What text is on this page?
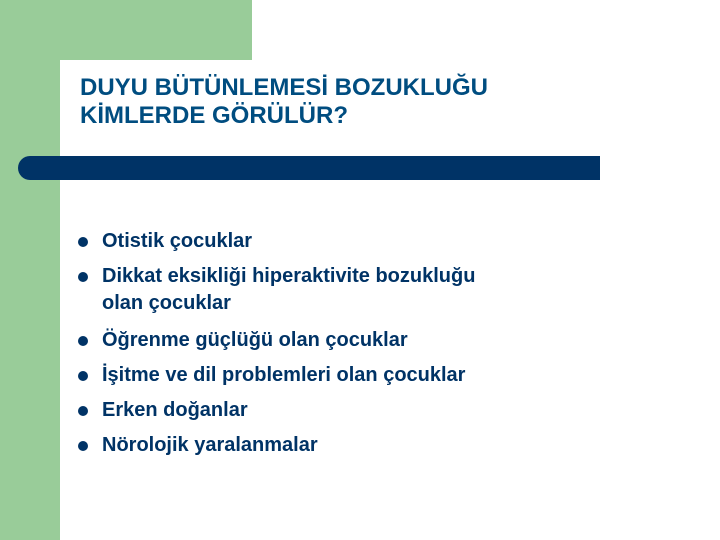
DUYU BÜTÜNLEMESİ BOZUKLUĞU
KİMLERDE GÖRÜLÜR?
Otistik çocuklar
Dikkat eksikliği hiperaktivite bozukluğu
olan çocuklar
Öğrenme güçlüğü olan çocuklar
İşitme ve dil problemleri olan çocuklar
Erken doğanlar
Nörolojik yaralanmalar
